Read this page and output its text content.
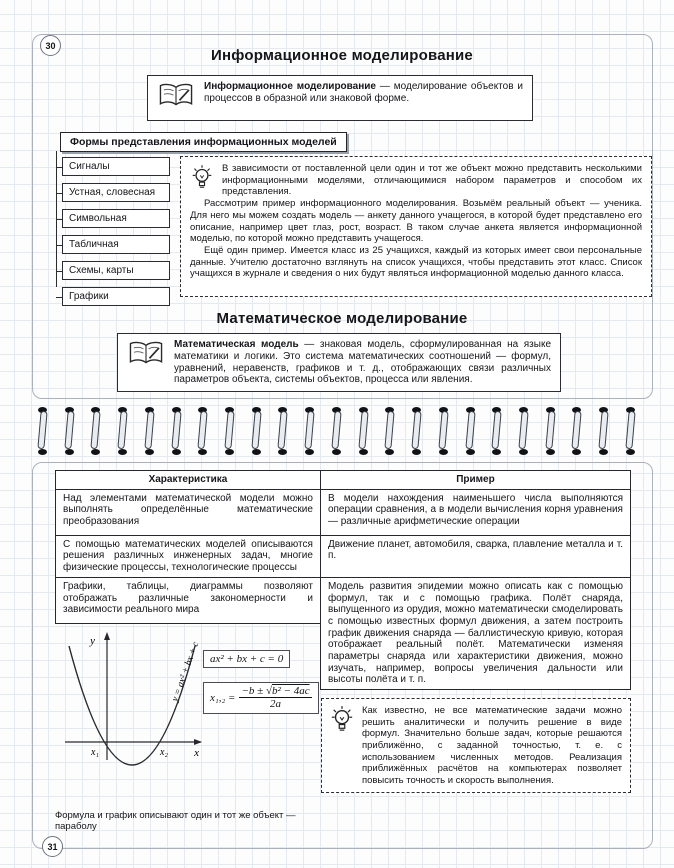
30
Информационное моделирование

Информационное моделирование — моделирование объектов и процессов в образной или знаковой форме.

Формы представления информационных моделей
Сигналы
Устная, словесная
Символьная
Табличная
Схемы, карты
Графики

В зависимости от поставленной цели один и тот же объект можно представить несколькими информационными моделями, отличающимися набором параметров и способом их представления.

Рассмотрим пример информационного моделирования. Возьмём реальный объект — ученика. Для него мы можем создать модель — анкету данного учащегося, в которой будет представлено его описание, например цвет глаз, рост, возраст. В таком случае анкета является информационной моделью, по которой можно представить учащегося.

Ещё один пример. Имеется класс из 25 учащихся, каждый из которых имеет свои персональные данные. Учителю достаточно взглянуть на список учащихся, чтобы представить этот класс. Список учащихся в журнале и сведения о них будут являться информационной моделью данного класса.

Математическое моделирование

Математическая модель — знаковая модель, сформулированная на языке математики и логики. Это система математических соотношений — формул, уравнений, неравенств, графиков и т. д., отображающих связи различных параметров объекта, системы объектов, процесса или явления.

31
Характеристика	Пример
Над элементами математической модели можно выполнять определённые математические преобразования
В модели нахождения наименьшего числа выполняются операции сравнения, а в модели вычисления корня уравнения — различные арифметические операции
С помощью математических моделей описываются решения различных инженерных задач, многие физические процессы, технологические процессы
Движение планет, автомобиля, сварка, плавление металла и т. п.
Графики, таблицы, диаграммы позволяют отображать различные закономерности и зависимости реального мира
y
x
x₁	x₂
y = ax² + bx + c ax² + bx + c = 0
$x_1,_2 = \frac{\text{−b ± √b² − 4ac}}{2a}$
Формула и график описывают один и тот же объект — параболу
Модель развития эпидемии можно описать как с помощью формул, так и с помощью графика. Полёт снаряда, выпущенного из орудия, можно математически смоделировать с помощью известных формул движения, а затем построить график движения снаряда — баллистическую кривую, которая отображает реальный полёт. Математически изменяя параметры снаряда или характеристики движения, можно изучать, например, вопросы увеличения дальности или высоты полёта и т. п.

Как известно, не все математические задачи можно решить аналитически и получить решение в виде формул. Значительно больше задач, которые решаются приближённо, с заданной точностью, т. е. с использованием численных методов. Реализация приближённых расчётов на компьютерах позволяет повысить точность и скорость выполнения.
